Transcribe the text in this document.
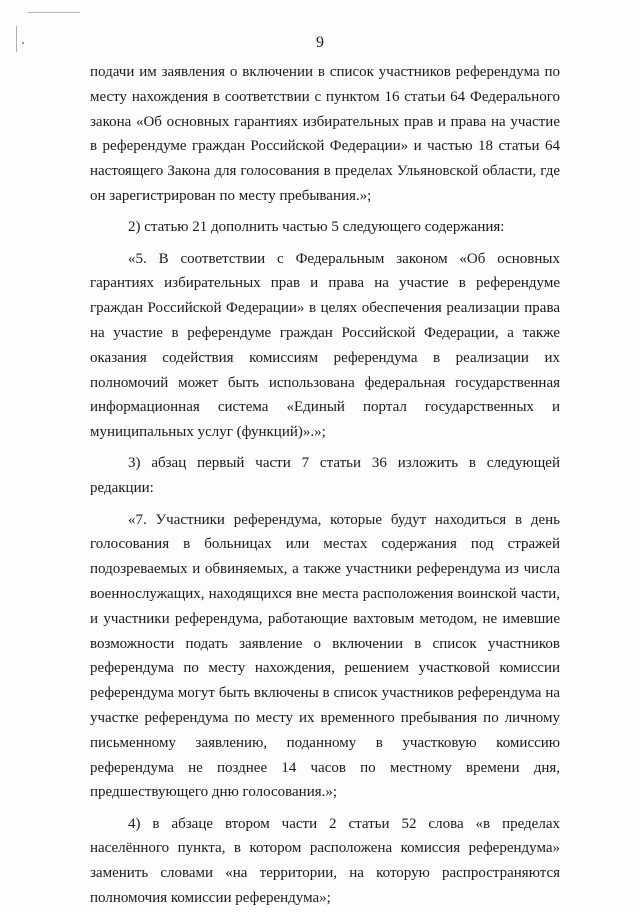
9

подачи им заявления о включении в список участников референдума по месту нахождения в соответствии с пунктом 16 статьи 64 Федерального закона «Об основных гарантиях избирательных прав и права на участие в референдуме граждан Российской Федерации» и частью 18 статьи 64 настоящего Закона для голосования в пределах Ульяновской области, где он зарегистрирован по месту пребывания.»;

2) статью 21 дополнить частью 5 следующего содержания:

«5. В соответствии с Федеральным законом «Об основных гарантиях избирательных прав и права на участие в референдуме граждан Российской Федерации» в целях обеспечения реализации права на участие в референдуме граждан Российской Федерации, а также оказания содействия комиссиям референдума в реализации их полномочий может быть использована федеральная государственная информационная система «Единый портал государственных и муниципальных услуг (функций)».»;

3) абзац первый части 7 статьи 36 изложить в следующей редакции:

«7. Участники референдума, которые будут находиться в день голосования в больницах или местах содержания под стражей подозреваемых и обвиняемых, а также участники референдума из числа военнослужащих, находящихся вне места расположения воинской части, и участники референдума, работающие вахтовым методом, не имевшие возможности подать заявление о включении в список участников референдума по месту нахождения, решением участковой комиссии референдума могут быть включены в список участников референдума на участке референдума по месту их временного пребывания по личному письменному заявлению, поданному в участковую комиссию референдума не позднее 14 часов по местному времени дня, предшествующего дню голосования.»;

4) в абзаце втором части 2 статьи 52 слова «в пределах населённого пункта, в котором расположена комиссия референдума» заменить словами «на территории, на которую распространяются полномочия комиссии референдума»;
